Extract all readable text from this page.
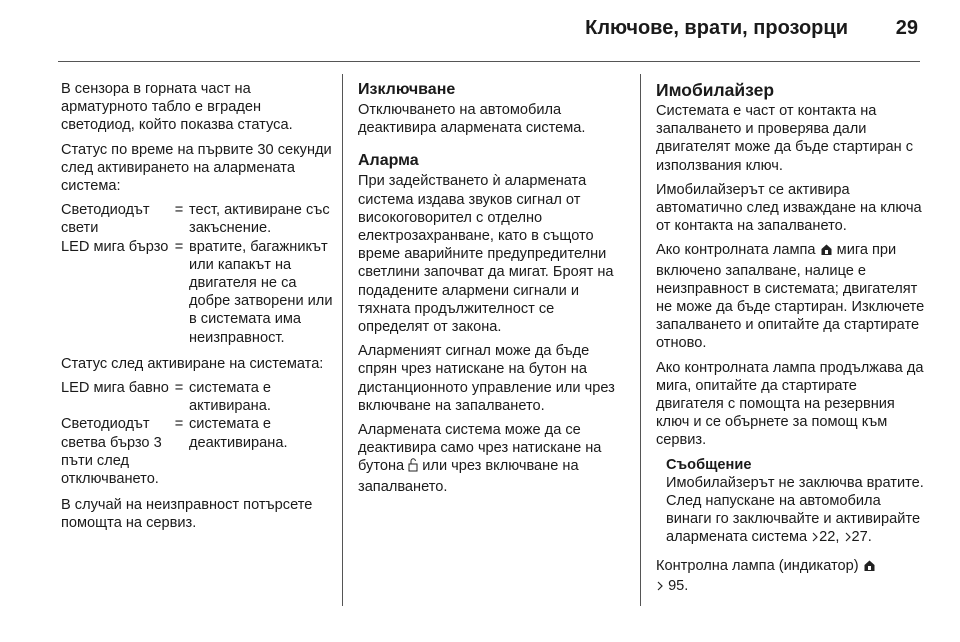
Ключове, врати, прозорци 29

В сензора в горната част на арматурното табло е вграден светодиод, който показва статуса.

Статус по време на първите 30 секунди след активирането на алармената система:

Светодиодът свети	=	тест, активиране със закъснение.
LED мига бързо	=	вратите, багажникът или капакът на двигателя не са добре затворени или в системата има неизправност.

Статус след активиране на системата:

LED мига бавно	=	системата е активирана.
Светодиодът светва бързо 3 пъти след отключването.	=	системата е деактивирана.

В случай на неизправност потърсете помощта на сервиз.

Изключване

Отключването на автомобила деактивира алармената система.

Аларма

При задействането ѝ алармената система издава звуков сигнал от високоговорител с отделно електрозахранване, като в същото време аварийните предупредителни светлини започват да мигат. Броят на подадените алармени сигнали и тяхната продължителност се определят от закона.

Алармeният сигнал може да бъде спрян чрез натискане на бутон на дистанционното управление или чрез включване на запалването.

Алармената система може да се деактивира само чрез натискане на бутона или чрез включване на запалването.

Имобилайзер

Системата е част от контакта на запалването и проверява дали двигателят може да бъде стартиран с използвания ключ.

Имобилайзерът се активира автоматично след изваждане на ключа от контакта на запалването.

Ако контролната лампа мига при включено запалване, налице е неизправност в системата; двигателят не може да бъде стартиран. Изключете запалването и опитайте да стартирате отново.

Ако контролната лампа продължава да мига, опитайте да стартирате двигателя с помощта на резервния ключ и се обърнете за помощ към сервиз.

Съобщение
Имобилайзерът не заключва вратите. След напускане на автомобила винаги го заключвайте и активирайте алармената система 22, 27.

Контролна лампа (индикатор)
95.
